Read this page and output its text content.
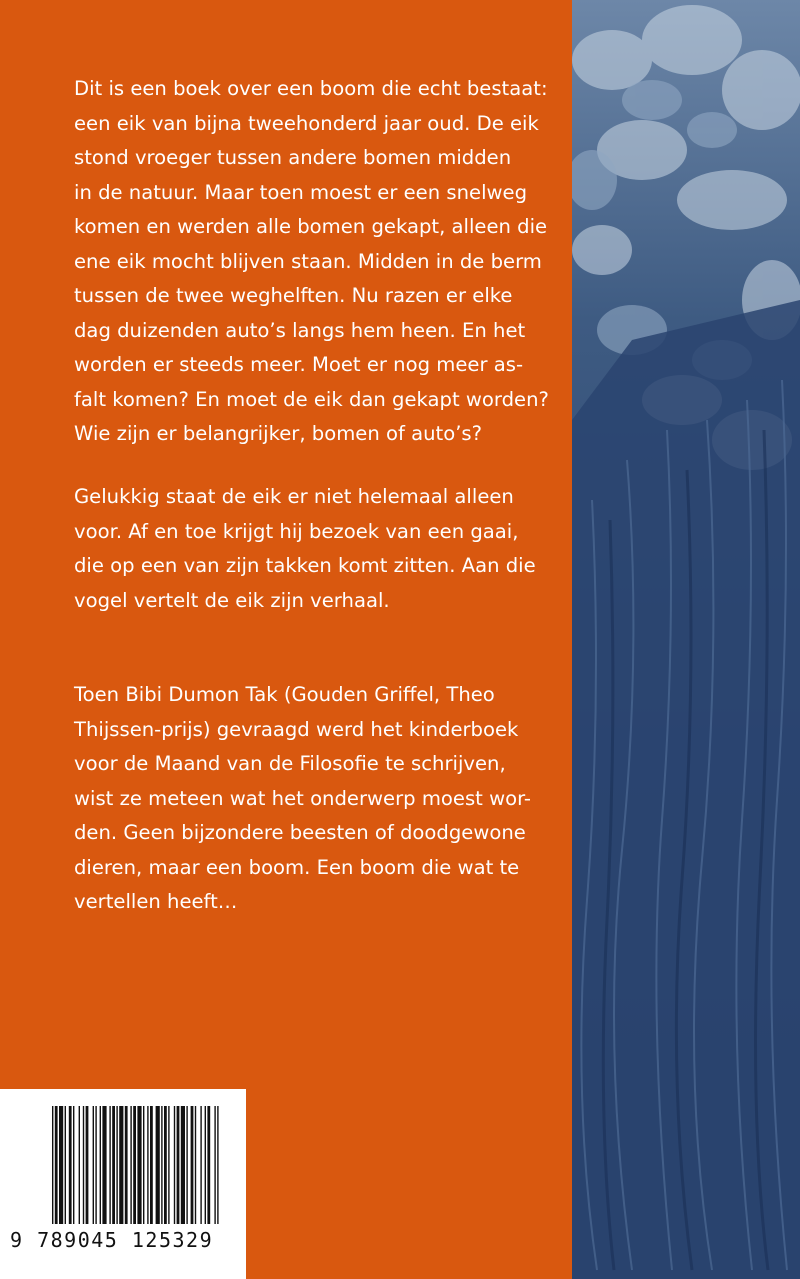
Dit is een boek over een boom die echt bestaat:
een eik van bijna tweehonderd jaar oud. De eik
stond vroeger tussen andere bomen midden
in de natuur. Maar toen moest er een snelweg
komen en werden alle bomen gekapt, alleen die
ene eik mocht blijven staan. Midden in de berm
tussen de twee weghelften. Nu razen er elke
dag duizenden auto’s langs hem heen. En het
worden er steeds meer. Moet er nog meer as-
falt komen? En moet de eik dan gekapt worden?
Wie zijn er belangrijker, bomen of auto’s?

Gelukkig staat de eik er niet helemaal alleen
voor. Af en toe krijgt hij bezoek van een gaai,
die op een van zijn takken komt zitten. Aan die
vogel vertelt de eik zijn verhaal.

Toen Bibi Dumon Tak (Gouden Griffel, Theo
Thijssen-prijs) gevraagd werd het kinderboek
voor de Maand van de Filosofie te schrijven,
wist ze meteen wat het onderwerp moest wor-
den. Geen bijzondere beesten of doodgewone
dieren, maar een boom. Een boom die wat te
vertellen heeft…

9 789045 125329
